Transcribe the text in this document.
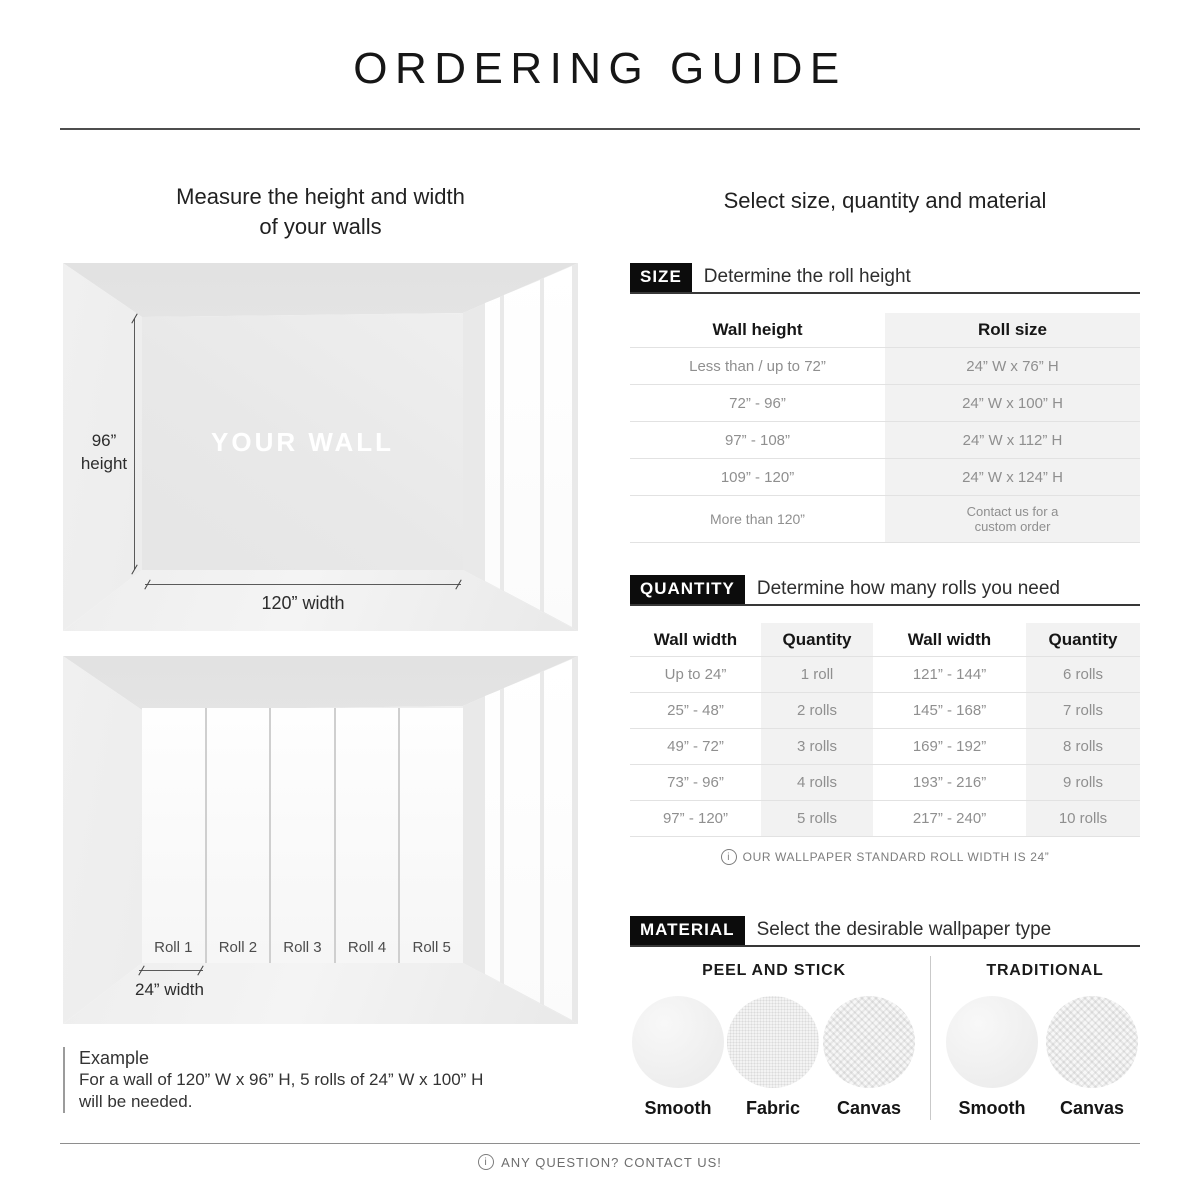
ORDERING GUIDE
Measure the height and width
of your walls
Select size, quantity and material
YOUR WALL
96”
height
120” width
Roll 1	Roll 2	Roll 3	Roll 4	Roll 5
24” width
Example
For a wall of 120” W x 96” H, 5 rolls of 24” W x 100” H
will be needed.
SIZE	Determine the roll height
Wall height	Roll size
Less than / up to 72”	24” W x 76” H
72” - 96”	24” W x 100” H
97” - 108”	24” W x 112” H
109” - 120”	24” W x 124” H
More than 120”	Contact us for a custom order
QUANTITY	Determine how many rolls you need
Wall width	Quantity	Wall width	Quantity
Up to 24”	1 roll	121” - 144”	6 rolls
25” - 48”	2 rolls	145” - 168”	7 rolls
49” - 72”	3 rolls	169” - 192”	8 rolls
73” - 96”	4 rolls	193” - 216”	9 rolls
97” - 120”	5 rolls	217” - 240”	10 rolls
i
OUR WALLPAPER STANDARD ROLL WIDTH IS 24”
MATERIAL	Select the desirable wallpaper type
PEEL AND STICK	TRADITIONAL
Smooth	Fabric	Canvas	Smooth	Canvas
i
ANY QUESTION? CONTACT US!
